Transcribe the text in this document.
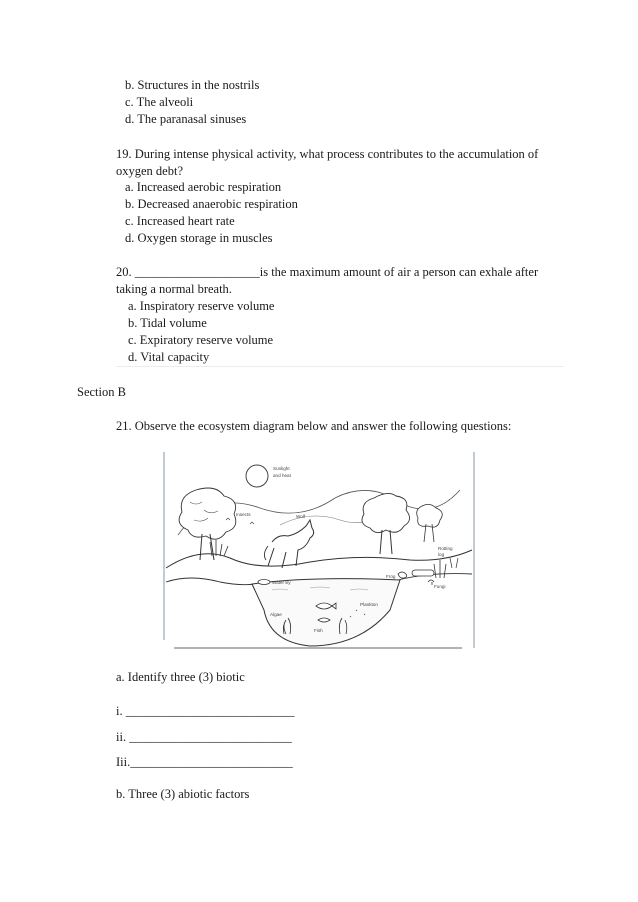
b. Structures in the nostrils
c. The alveoli
d. The paranasal sinuses
19. During intense physical activity, what process contributes to the accumulation of
oxygen debt?
a. Increased aerobic respiration
b. Decreased anaerobic respiration
c. Increased heart rate
d. Oxygen storage in muscles
20. ____________________is the maximum amount of air a person can exhale after
taking a normal breath.
a. Inspiratory reserve volume
b. Tidal volume
c. Expiratory reserve volume
d. Vital capacity
Section B
21. Observe the ecosystem diagram below and answer the following questions:
Sunlight
and heat
Wolf
Insects
Water lily
Frog
Rotting
log
Fungi
Fish
Plankton
Algae
a. Identify three (3) biotic
i. ___________________________
ii. __________________________
Iii.__________________________
b. Three (3) abiotic factors
